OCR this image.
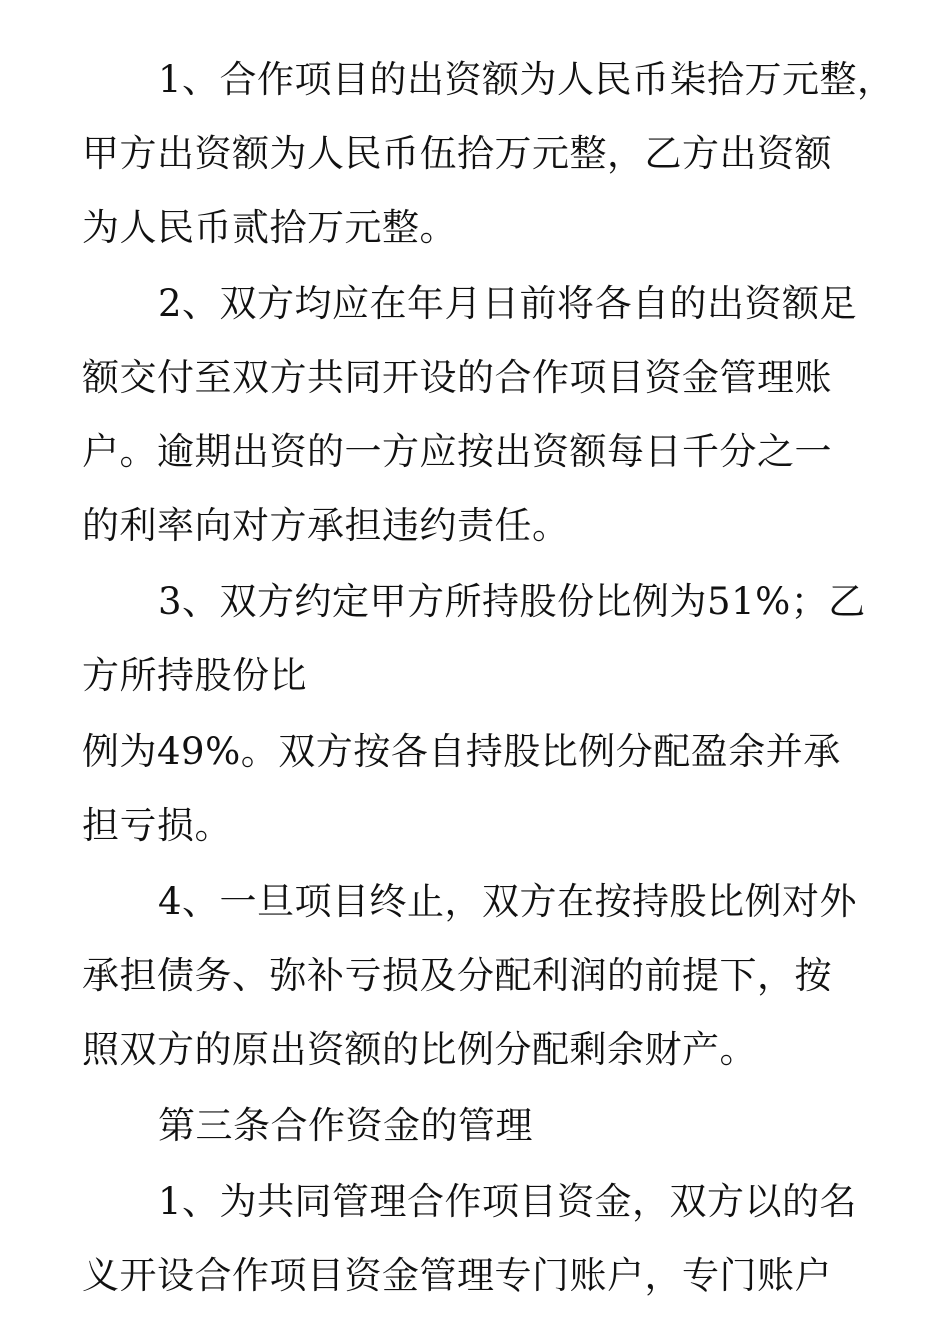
1、合作项目的出资额为人民币柒拾万元整，
甲方出资额为人民币伍拾万元整，乙方出资额
为人民币贰拾万元整。
2、双方均应在年月日前将各自的出资额足
额交付至双方共同开设的合作项目资金管理账
户。逾期出资的一方应按出资额每日千分之一
的利率向对方承担违约责任。
3、双方约定甲方所持股份比例为51%；乙
方所持股份比
例为49%。双方按各自持股比例分配盈余并承
担亏损。
4、一旦项目终止，双方在按持股比例对外
承担债务、弥补亏损及分配利润的前提下，按
照双方的原出资额的比例分配剩余财产。
第三条合作资金的管理
1、为共同管理合作项目资金，双方以的名
义开设合作项目资金管理专门账户，专门账户
